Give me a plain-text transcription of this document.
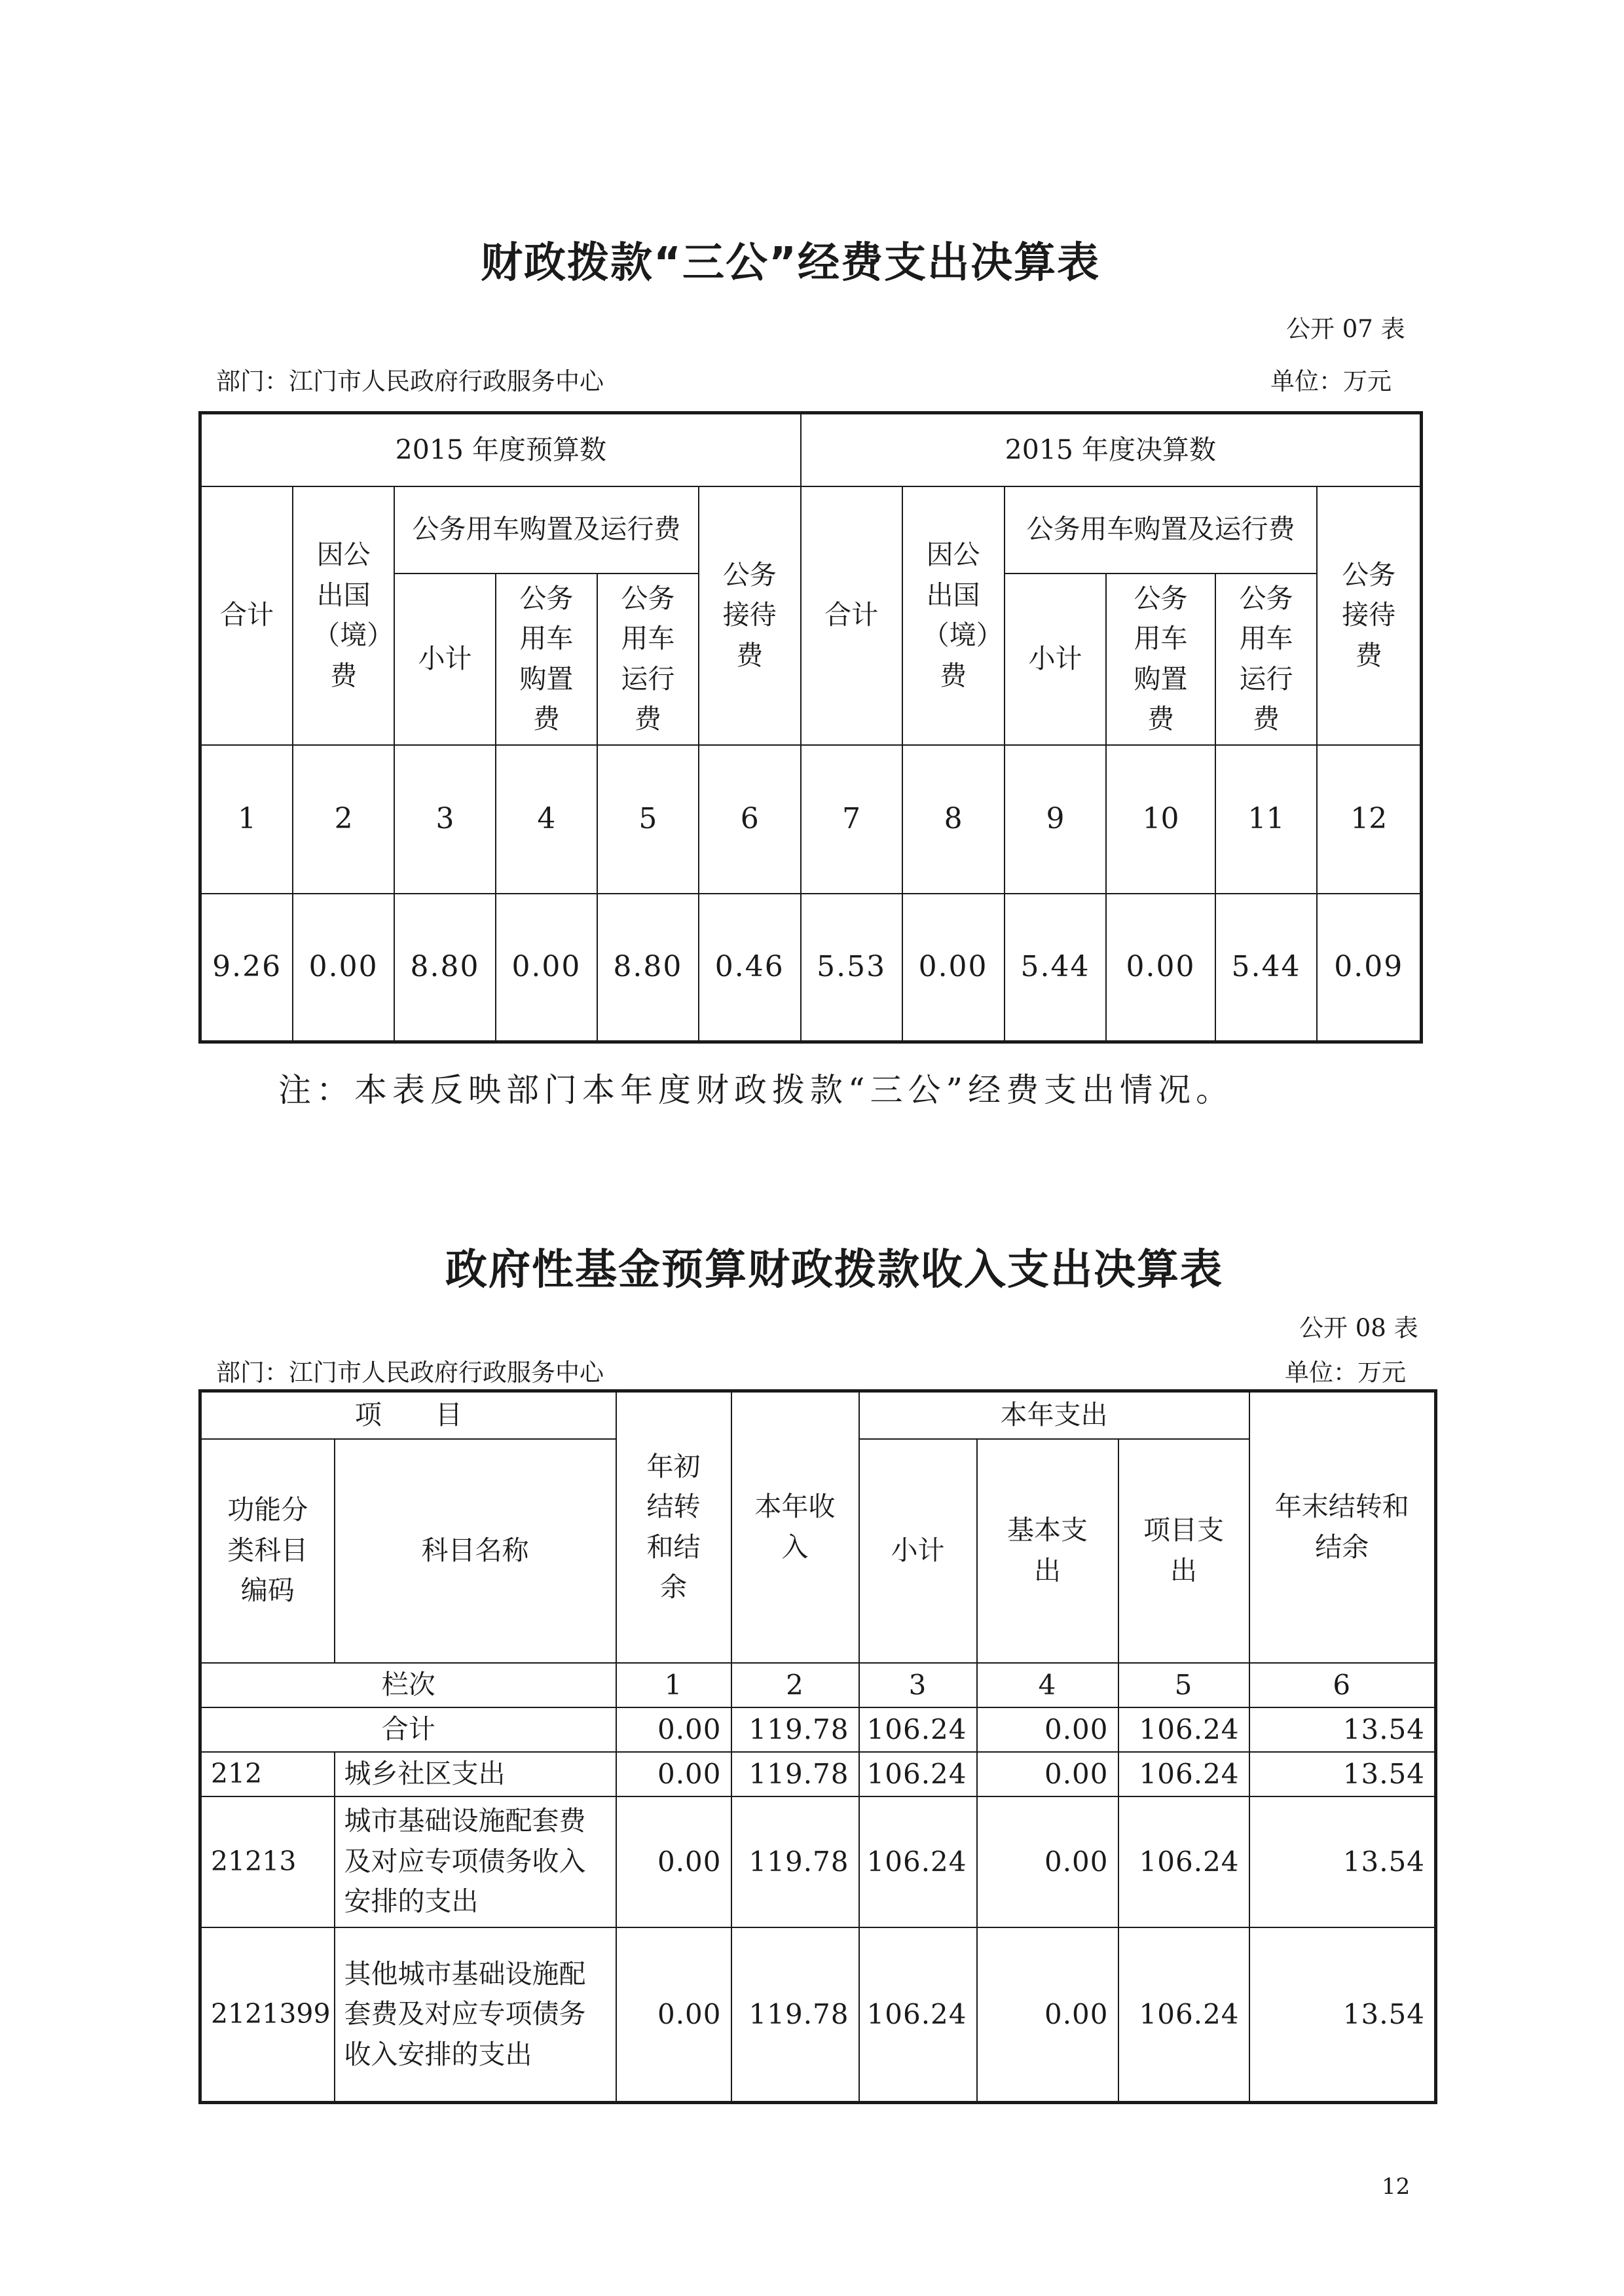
财政拨款“三公”经费支出决算表
公开 07 表
部门：江门市人民政府行政服务中心	单位：万元
2015 年度预算数						2015 年度决算数					
合计	因公出国（境）费	公务用车购置及运行费			公务接待费	合计	因公出国（境）费	公务用车购置及运行费			公务接待费
		小计	公务用车购置费	公务用车运行费				小计	公务用车购置费	公务用车运行费	
1	2	3	4	5	6	7	8	9	10	11	12
9.26	0.00	8.80	0.00	8.80	0.46	5.53	0.00	5.44	0.00	5.44	0.09
注：本表反映部门本年度财政拨款“三公”经费支出情况。
政府性基金预算财政拨款收入支出决算表
公开 08 表
部门：江门市人民政府行政服务中心	单位：万元
项　　目		年初结转和结余	本年收入	本年支出			年末结转和结余
功能分类科目编码	科目名称			小计	基本支出	项目支出	
栏次		1	2	3	4	5	6
合计		0.00	119.78	106.24	0.00	106.24	13.54
212	城乡社区支出	0.00	119.78	106.24	0.00	106.24	13.54
21213	城市基础设施配套费及对应专项债务收入安排的支出	0.00	119.78	106.24	0.00	106.24	13.54
2121399	其他城市基础设施配套费及对应专项债务收入安排的支出	0.00	119.78	106.24	0.00	106.24	13.54
12
